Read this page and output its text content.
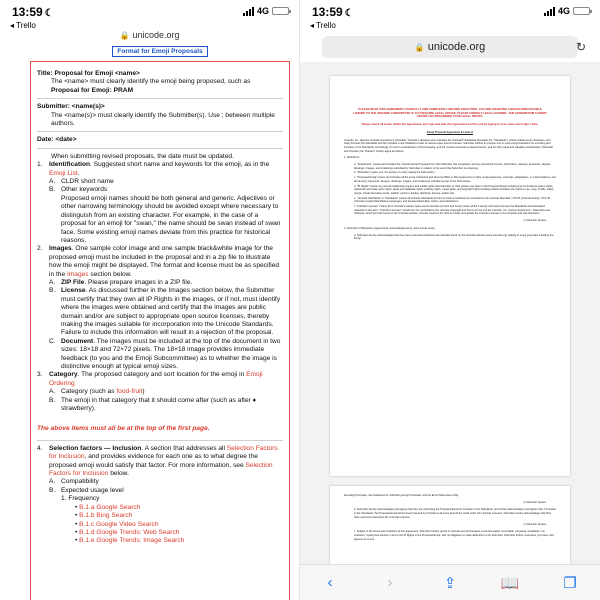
13:59 ☾	4G
◂ Trello
🔒 unicode.org
Format for Emoji Proposals
Title: Proposal for Emoji <name>
The <name> must clearly identify the emoji being proposed, such as
Proposal for Emoji: PRAM
Submitter: <name(s)>
The <name(s)> must clearly identify the Submitter(s). Use ; between multiple authors.
Date: <date>
When submitting revised proposals, the date must be updated.
1. Identification. Suggested short name and keywords for the emoji, as in the Emoji List.
A. CLDR short name
B. Other keywords
Proposed emoji names should be both general and generic. Adjectives or other narrowing terminology should be avoided except where necessary to distinguish from an existing character. For example, in the case of a proposal for an emoji for "swan," the name should be swan instead of swan face. Some existing emoji names deviate from this practice for historical reasons.
2. Images. One sample color image and one sample black&white image for the proposed emoji must be included in the proposal and in a zip file to illustrate how the emoji might be displayed. The format and license must be as specified in the Images section below.
A. ZIP File. Please prepare images in a ZIP file.
B. License. As discussed further in the Images section below, the Submitter must certify that they own all IP Rights in the images, or if not, must identify where the images were obtained and certify that the images are public domain and/or are subject to appropriate open source licenses, thereby making the images suitable for incorporation into the Unicode Standards. Failure to include this information will result in a rejection of the proposal.
C. Document. The images must be included at the top of the document in two sizes: 18×18 and 72×72 pixels. The 18×18 image provides immediate feedback (to you and the Emoji Subcommittee) as to whether the image is distinctive enough at typical emoji sizes.
3. Category. The proposed category and sort location for the emoji in Emoji Ordering
A. Category (such as food-fruit)
B. The emoji in that category that it should come after (such as after ♦ strawberry).
The above items must all be at the top of the first page.
4. Selection factors — Inclusion. A section that addresses all Selection Factors for Inclusion, and provides evidence for each one as to what degree the proposed emoji would satisfy that factor. For more information, see Selection Factors for Inclusion below.
A. Compatibility
B. Expected usage level
1. Frequency
• B.1.a Google Search
• B.1.b Bing Search
• B.1.c Google Video Search
• B.1.d Google Trends: Web Search
• B.1.e Google Trends: Image Search
13:59 ☾	4G
◂ Trello
🔒 unicode.org	↻
PLEASE READ THIS AGREEMENT CAREFULLY AND COMPLETELY BEFORE EXECUTING. YOU ARE GRANTING A BROAD IRREVOCABLE LICENSE TO THE UNICODE CONSORTIUM. IF YOU REQUIRE LEGAL ADVICE, PLEASE CONSULT LEGAL COUNSEL. THE CONSORTIUM CANNOT ADVISE YOU REGARDING YOUR LEGAL RIGHTS.
Please check all boxes within the Agreement, and sign and date the Agreement and the end by typing in your name and today's date.
Emoji Proposal Agreement & License
Unicode, Inc. (aka the Unicode Consortium) (hereafter "Unicode") develops and maintains the Unicode® Standards (hereafter the "Standards"), which include emoji characters, and freely licenses the Standards and the included emoji characters under its various open-source licenses. Submitter wishes to propose one or more emoji characters for encoding and inclusion in the Standards. Accordingly, for and in consideration of the foregoing, and the mutual covenants contained herein, and for other good and valuable consideration, Submitter and Unicode (the "Parties") hereby agree as follows:
1. Definitions:
a. "Submission" means and includes the Unicode Emoji Proposal Form that Submitter has completed, and any and all documents, information, name(s), keywords, designs, drawings, images, and renderings submitted by Submitter in relation to the emoji that Submitter is proposing.
b. "Submitter" means you, the person or entity making the Submission.
c. "Proposed Emoji" means and includes all the emoji characters and all emoji ZWG or RGI sequences or other emoji sequences, concepts, adaptations, or customizations, and all name(s), keywords, designs, drawings, images, and renderings included as part of the Submission.
d. "IP Rights" means any and all intellectual property and similar rights that Submitter or third parties may have in the Proposed Emoji including but not limited to patent rights, trademark and trade name rights, ideas and database rights, publicity rights, moral rights, and copyright rights including without limitation the rights to use, copy, modify, adapt, merge, create derivative works, publish, perform, display, distribute, license, and/or sell.
e. "Unicode Standards" or "Standards" means all Unicode Standards (current or future) including but not limited to the Unicode Standard, UTS 51 (Unicode Emoji), UTS 35 (Unicode Locale Data Markup Language), and all associated data, charts, and publications.
f. "Unicode Licenses" means all of Unicode's various open-source licenses (current and future) under which it openly and freely licenses the Standards and associated materials to all users. "Unicode Licenses" include but are not limited to the Unicode Copyright and Terms of Use and the Unicode, Inc. License Agreement – Data Files and Software, which are both found on the Unicode website. Unicode reserves the right to modify and update the Unicode Licenses in its complete and sole discretion.
[ ] Submitter Agrees
2. Submitter's Warranties, Agreements, Acknowledgements, and License Grant.
a. Submitter hereby acknowledges that they have read and understood all materials found on the Unicode website (www.unicode.org) relating to emoji proposals including the Emoji
Encoding Principles, the Guidelines for Submitting Emoji Proposals, and the Emoji Submission FAQ.
[ ] Submitter Agrees
b. Submitter hereby acknowledges and agrees that they are submitting the Proposed Emoji for inclusion in the Standards, and further acknowledges and agrees that, if included in the Standards, the Proposed Emoji will be freely licensed by Unicode to all users around the world under the Unicode Licenses. Submitter hereby acknowledges that they have read and understood the Unicode Licenses.
[ ] Submitter Agrees
c. Subject to the terms and conditions of this Agreement, Submitter hereby grants to Unicode and its licensees a sub-licensable, irrevocable, perpetual, worldwide, non-exclusive, royalty-free license in and to the IP Rights in the Proposed Emoji, with no obligation to make attribution to the Submitter. Submitter further covenants, promises, and agrees not to sue.
‹	›	⇪	📖	❐
